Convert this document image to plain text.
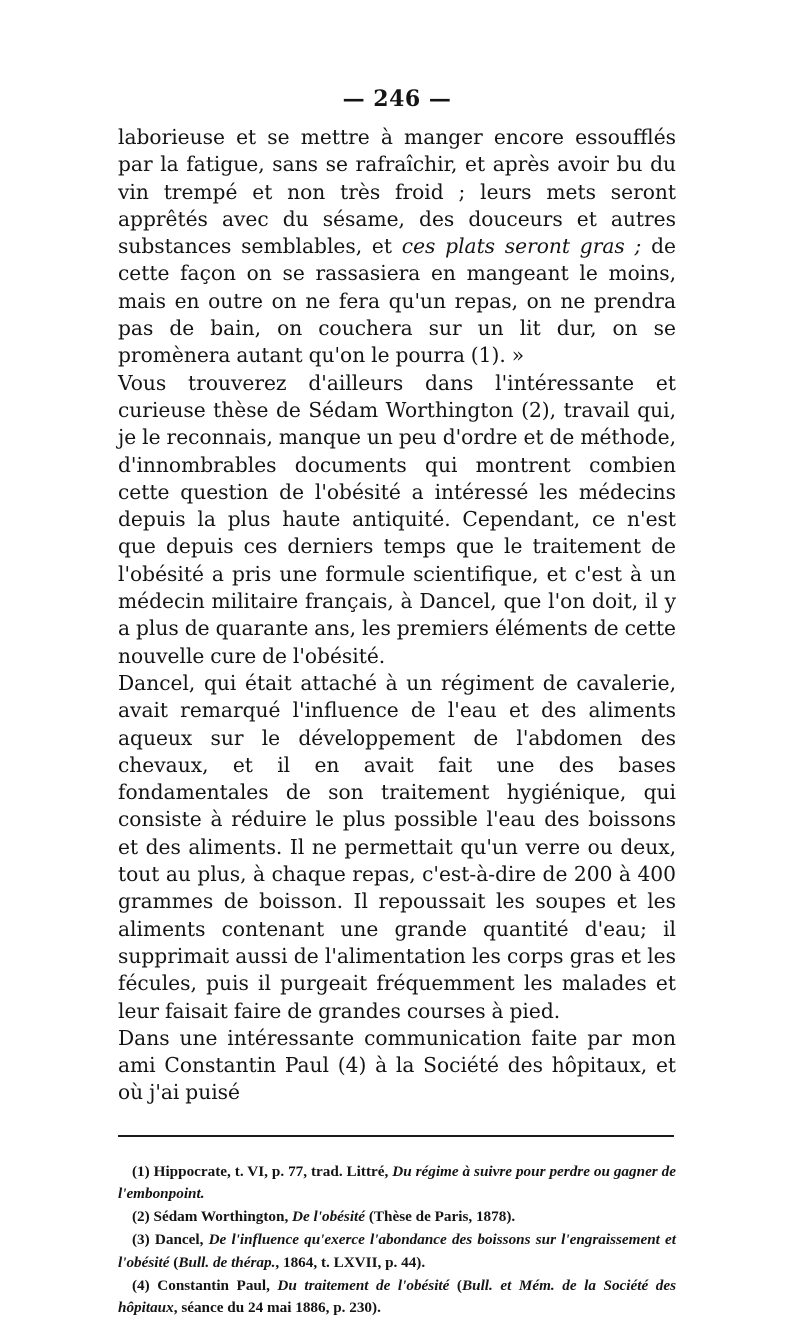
— 246 —

laborieuse et se mettre à manger encore essoufflés par la fatigue, sans se rafraîchir, et après avoir bu du vin trempé et non très froid ; leurs mets seront apprêtés avec du sésame, des douceurs et autres substances semblables, et ces plats seront gras ; de cette façon on se rassasiera en mangeant le moins, mais en outre on ne fera qu'un repas, on ne prendra pas de bain, on couchera sur un lit dur, on se promènera autant qu'on le pourra (1). »

Vous trouverez d'ailleurs dans l'intéressante et curieuse thèse de Sédam Worthington (2), travail qui, je le reconnais, manque un peu d'ordre et de méthode, d'innombrables documents qui montrent combien cette question de l'obésité a intéressé les médecins depuis la plus haute antiquité. Cependant, ce n'est que depuis ces derniers temps que le traitement de l'obésité a pris une formule scientifique, et c'est à un médecin militaire français, à Dancel, que l'on doit, il y a plus de quarante ans, les premiers éléments de cette nouvelle cure de l'obésité.

Dancel, qui était attaché à un régiment de cavalerie, avait remarqué l'influence de l'eau et des aliments aqueux sur le développement de l'abdomen des chevaux, et il en avait fait une des bases fondamentales de son traitement hygiénique, qui consiste à réduire le plus possible l'eau des boissons et des aliments. Il ne permettait qu'un verre ou deux, tout au plus, à chaque repas, c'est-à-dire de 200 à 400 grammes de boisson. Il repoussait les soupes et les aliments contenant une grande quantité d'eau; il supprimait aussi de l'alimentation les corps gras et les fécules, puis il purgeait fréquemment les malades et leur faisait faire de grandes courses à pied.

Dans une intéressante communication faite par mon ami Constantin Paul (4) à la Société des hôpitaux, et où j'ai puisé

(1) Hippocrate, t. VI, p. 77, trad. Littré, Du régime à suivre pour perdre ou gagner de l'embonpoint.

(2) Sédam Worthington, De l'obésité (Thèse de Paris, 1878).

(3) Dancel, De l'influence qu'exerce l'abondance des boissons sur l'engraissement et l'obésité (Bull. de thérap., 1864, t. LXVII, p. 44).

(4) Constantin Paul, Du traitement de l'obésité (Bull. et Mém. de la Société des hôpitaux, séance du 24 mai 1886, p. 230).
